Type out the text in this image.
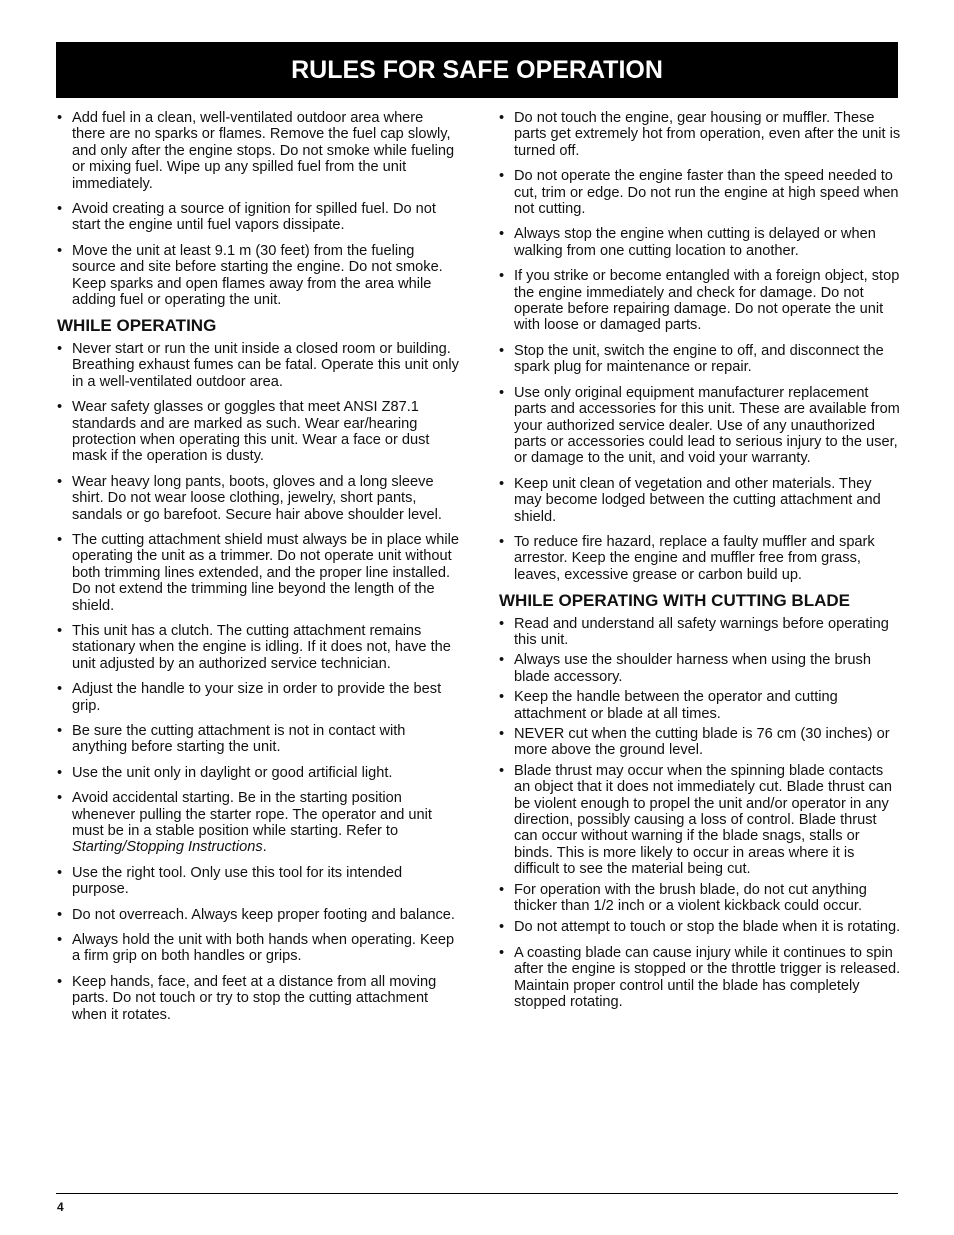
RULES FOR SAFE OPERATION
• Add fuel in a clean, well-ventilated outdoor area where there are no sparks or flames. Remove the fuel cap slowly, and only after the engine stops. Do not smoke while fueling or mixing fuel. Wipe up any spilled fuel from the unit immediately.
• Avoid creating a source of ignition for spilled fuel. Do not start the engine until fuel vapors dissipate.
• Move the unit at least 9.1 m (30 feet) from the fueling source and site before starting the engine. Do not smoke. Keep sparks and open flames away from the area while adding fuel or operating the unit.
WHILE OPERATING
• Never start or run the unit inside a closed room or building. Breathing exhaust fumes can be fatal. Operate this unit only in a well-ventilated outdoor area.
• Wear safety glasses or goggles that meet ANSI Z87.1 standards and are marked as such. Wear ear/hearing protection when operating this unit. Wear a face or dust mask if the operation is dusty.
• Wear heavy long pants, boots, gloves and a long sleeve shirt. Do not wear loose clothing, jewelry, short pants, sandals or go barefoot. Secure hair above shoulder level.
• The cutting attachment shield must always be in place while operating the unit as a trimmer. Do not operate unit without both trimming lines extended, and the proper line installed. Do not extend the trimming line beyond the length of the shield.
• This unit has a clutch. The cutting attachment remains stationary when the engine is idling. If it does not, have the unit adjusted by an authorized service technician.
• Adjust the handle to your size in order to provide the best grip.
• Be sure the cutting attachment is not in contact with anything before starting the unit.
• Use the unit only in daylight or good artificial light.
• Avoid accidental starting. Be in the starting position whenever pulling the starter rope. The operator and unit must be in a stable position while starting. Refer to Starting/Stopping Instructions.
• Use the right tool. Only use this tool for its intended purpose.
• Do not overreach. Always keep proper footing and balance.
• Always hold the unit with both hands when operating. Keep a firm grip on both handles or grips.
• Keep hands, face, and feet at a distance from all moving parts. Do not touch or try to stop the cutting attachment when it rotates.
• Do not touch the engine, gear housing or muffler. These parts get extremely hot from operation, even after the unit is turned off.
• Do not operate the engine faster than the speed needed to cut, trim or edge. Do not run the engine at high speed when not cutting.
• Always stop the engine when cutting is delayed or when walking from one cutting location to another.
• If you strike or become entangled with a foreign object, stop the engine immediately and check for damage. Do not operate before repairing damage. Do not operate the unit with loose or damaged parts.
• Stop the unit, switch the engine to off, and disconnect the spark plug for maintenance or repair.
• Use only original equipment manufacturer replacement parts and accessories for this unit. These are available from your authorized service dealer. Use of any unauthorized parts or accessories could lead to serious injury to the user, or damage to the unit, and void your warranty.
• Keep unit clean of vegetation and other materials. They may become lodged between the cutting attachment and shield.
• To reduce fire hazard, replace a faulty muffler and spark arrestor. Keep the engine and muffler free from grass, leaves, excessive grease or carbon build up.
WHILE OPERATING WITH CUTTING BLADE
• Read and understand all safety warnings before operating this unit.
• Always use the shoulder harness when using the brush blade accessory.
• Keep the handle between the operator and cutting attachment or blade at all times.
• NEVER cut when the cutting blade is 76 cm (30 inches) or more above the ground level.
• Blade thrust may occur when the spinning blade contacts an object that it does not immediately cut. Blade thrust can be violent enough to propel the unit and/or operator in any direction, possibly causing a loss of control. Blade thrust can occur without warning if the blade snags, stalls or binds. This is more likely to occur in areas where it is difficult to see the material being cut.
• For operation with the brush blade, do not cut anything thicker than 1/2 inch or a violent kickback could occur.
• Do not attempt to touch or stop the blade when it is rotating.
• A coasting blade can cause injury while it continues to spin after the engine is stopped or the throttle trigger is released. Maintain proper control until the blade has completely stopped rotating.
4
